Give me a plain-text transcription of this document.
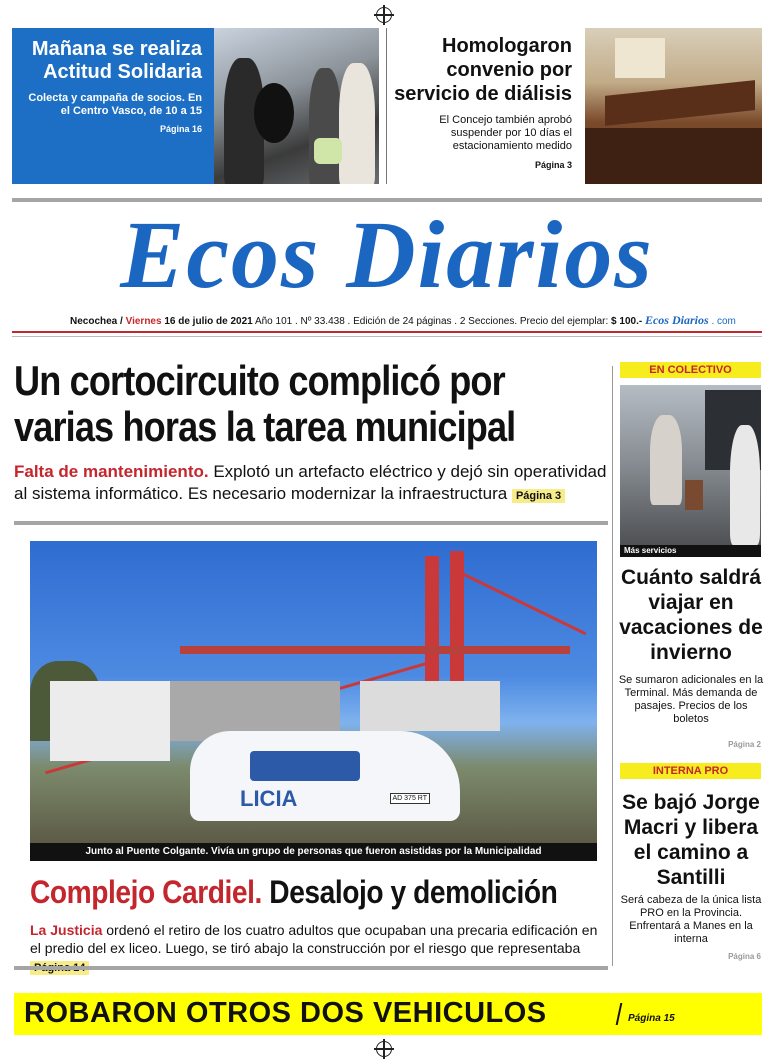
Mañana se realiza Actitud Solidaria
Colecta y campaña de socios. En el Centro Vasco, de 10 a 15
Página 16
Homologaron convenio por servicio de diálisis
El Concejo también aprobó suspender por 10 días el estacionamiento medido
Página 3
Ecos Diarios
Necochea / Viernes 16 de julio de 2021 Año 101 . Nº 33.438 . Edición de 24 páginas . 2 Secciones. Precio del ejemplar: $ 100.- Ecos Diarios . com
Un cortocircuito complicó por varias horas la tarea municipal
Falta de mantenimiento. Explotó un artefacto eléctrico y dejó sin operatividad al sistema informático. Es necesario modernizar la infraestructura Página 3
LICIA	AD 375 RT
Junto al Puente Colgante. Vivía un grupo de personas que fueron asistidas por la Municipalidad
Complejo Cardiel. Desalojo y demolición
La Justicia ordenó el retiro de los cuatro adultos que ocupaban una precaria edificación en el predio del ex liceo. Luego, se tiró abajo la construcción por el riesgo que representaba
EN COLECTIVO
Más servicios
Cuánto saldrá viajar en vacaciones de invierno
Se sumaron adicionales en la Terminal. Más demanda de pasajes. Precios de los boletos
Página 2
INTERNA PRO
Se bajó Jorge Macri y libera el camino a Santilli
Será cabeza de la única lista PRO en la Provincia. Enfrentará a Manes en la interna
Página 6
ROBARON OTROS DOS VEHICULOS	Página 15
